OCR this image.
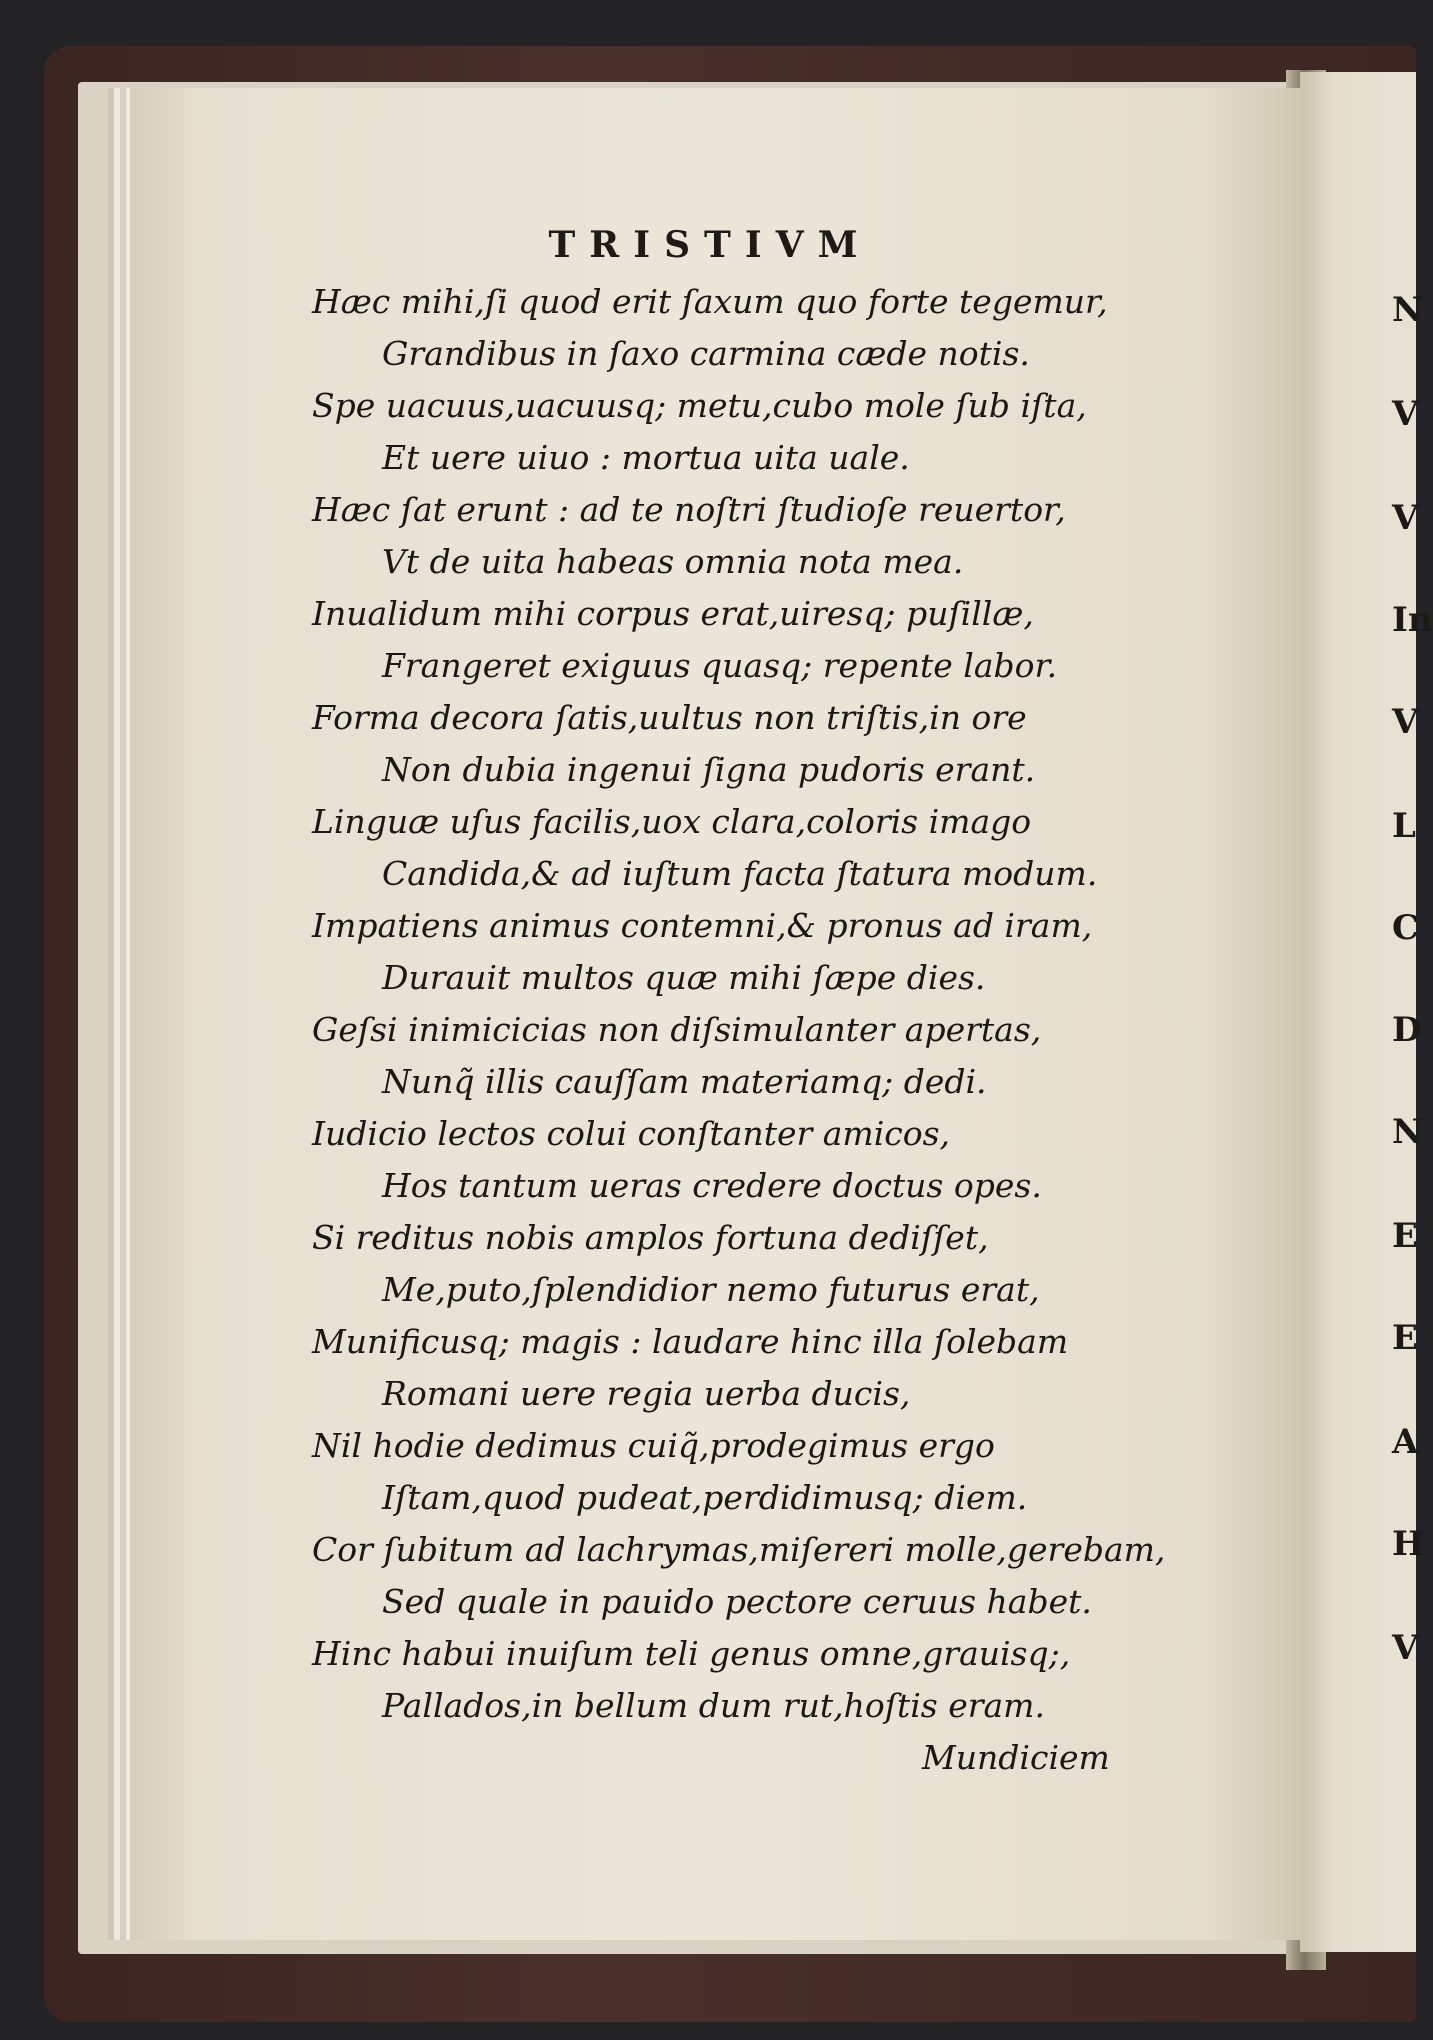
TRISTIVM
Hæc mihi,ſi quod erit ſaxum quo forte tegemur,
Grandibus in ſaxo carmina cæde notis.
Spe uacuus,uacuusq; metu,cubo mole ſub iſta,
Et uere uiuo : mortua uita uale.
Hæc ſat erunt : ad te noſtri ſtudioſe reuertor,
Vt de uita habeas omnia nota mea.
Inualidum mihi corpus erat,uiresq; puſillæ,
Frangeret exiguus quasq; repente labor.
Forma decora ſatis,uultus non triſtis,in ore
Non dubia ingenui ſigna pudoris erant.
Linguæ uſus facilis,uox clara,coloris imago
Candida,& ad iuſtum facta ſtatura modum.
Impatiens animus contemni,& pronus ad iram,
Durauit multos quæ mihi ſæpe dies.
Geſsi inimicicias non diſsimulanter apertas,
Nunq̃ illis cauſſam materiamq; dedi.
Iudicio lectos colui conſtanter amicos,
Hos tantum ueras credere doctus opes.
Si reditus nobis amplos fortuna dediſſet,
Me,puto,ſplendidior nemo futurus erat,
Munificusq; magis : laudare hinc illa ſolebam
Romani uere regia uerba ducis,
Nil hodie dedimus cuiq̃,prodegimus ergo
Iſtam,quod pudeat,perdidimusq; diem.
Cor ſubitum ad lachrymas,miſereri molle,gerebam,
Sed quale in pauido pectore ceruus habet.
Hinc habui inuiſum teli genus omne,grauisq;,
Pallados,in bellum dum rut,hoſtis eram.
Mundiciem
N
V
V
In
V
L
C
D
N
E
E
A
H
V
